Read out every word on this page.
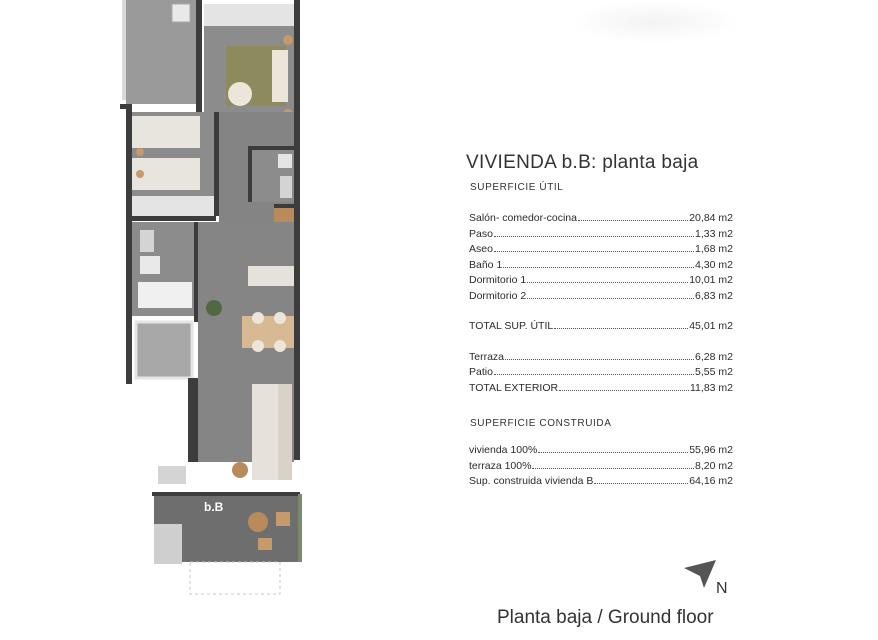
b.B
VIVIENDA b.B: planta baja
SUPERFICIE ÚTIL
Salón- comedor-cocina	20,84 m2
Paso	1,33 m2
Aseo	1,68 m2
Baño 1	4,30 m2
Dormitorio 1	10,01 m2
Dormitorio 2	6,83 m2
TOTAL SUP. ÚTIL	45,01 m2
Terraza	6,28 m2
Patio	5,55 m2
TOTAL EXTERIOR	11,83 m2
SUPERFICIE CONSTRUIDA
vivienda 100%	55,96 m2
terraza 100%	8,20 m2
Sup. construida vivienda B	64,16 m2
N
Planta baja / Ground floor
